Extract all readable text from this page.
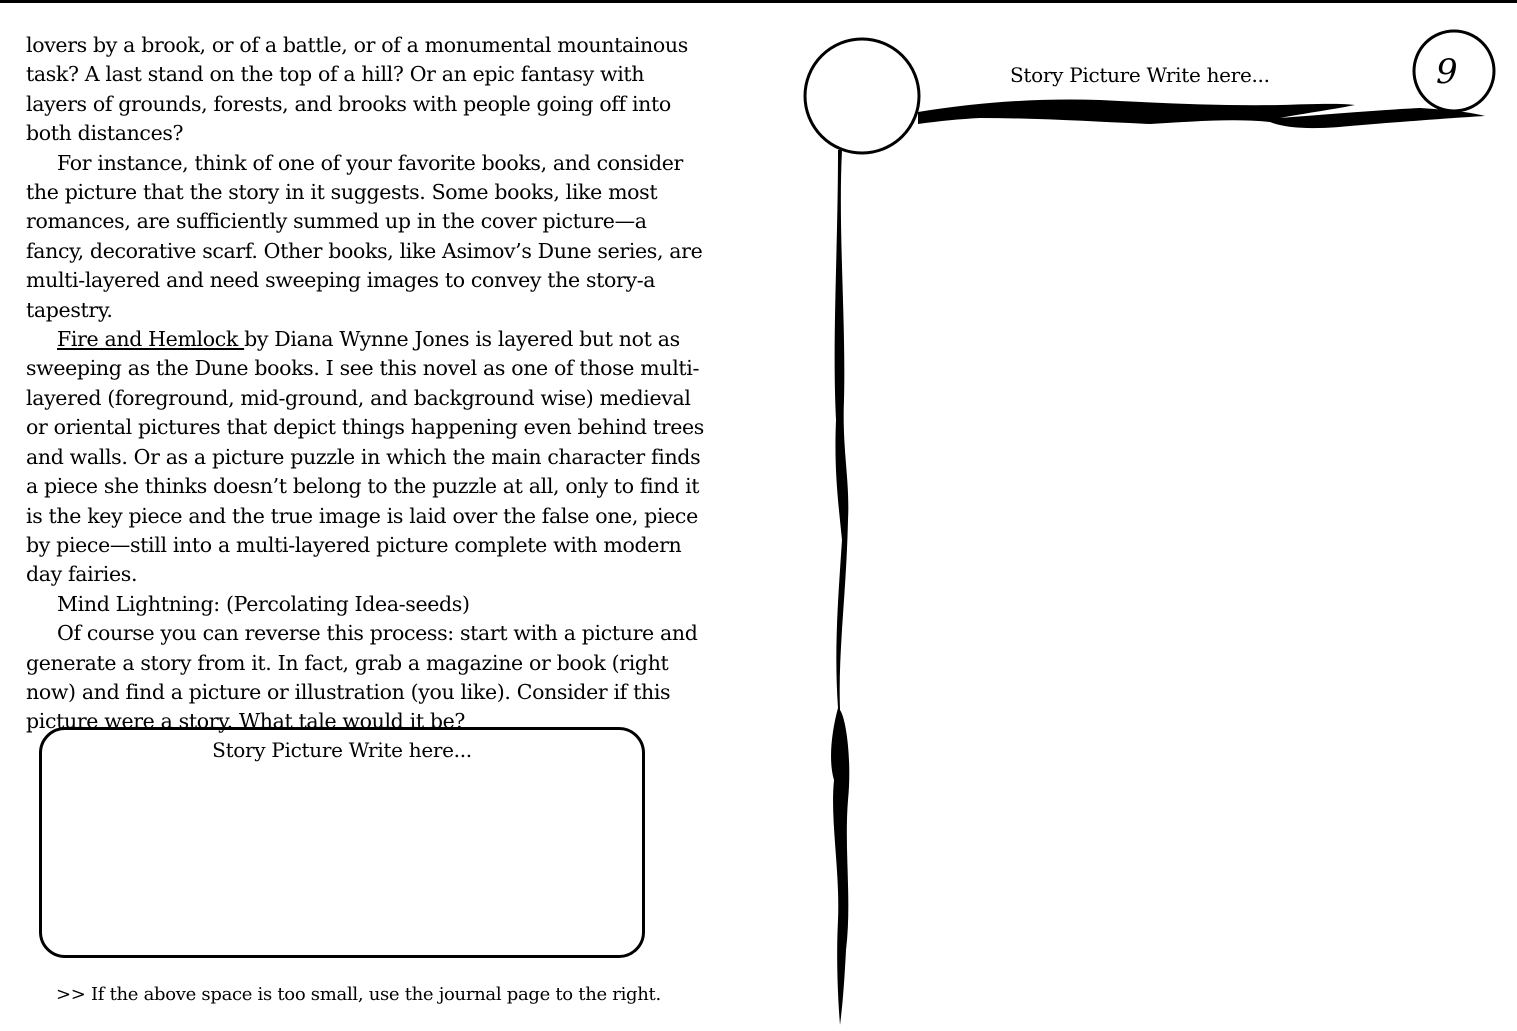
lovers by a brook, or of a battle, or of a monumental mountainous task? A last stand on the top of a hill? Or an epic fantasy with layers of grounds, forests, and brooks with people going off into both distances?

For instance, think of one of your favorite books, and consider the picture that the story in it suggests. Some books, like most romances, are sufficiently summed up in the cover picture—a fancy, decorative scarf. Other books, like Asimov’s Dune series, are multi-layered and need sweeping images to convey the story-a tapestry.

Fire and Hemlock by Diana Wynne Jones is layered but not as sweeping as the Dune books. I see this novel as one of those multi-layered (foreground, mid-ground, and background wise) medieval or oriental pictures that depict things happening even behind trees and walls. Or as a picture puzzle in which the main character finds a piece she thinks doesn’t belong to the puzzle at all, only to find it is the key piece and the true image is laid over the false one, piece by piece—still into a multi-layered picture complete with modern day fairies.

Mind Lightning: (Percolating Idea-seeds)

Of course you can reverse this process: start with a picture and generate a story from it. In fact, grab a magazine or book (right now) and find a picture or illustration (you like). Consider if this picture were a story. What tale would it be?

Story Picture Write here...
>> If the above space is too small, use the journal page to the right.
Story Picture Write here...	9
